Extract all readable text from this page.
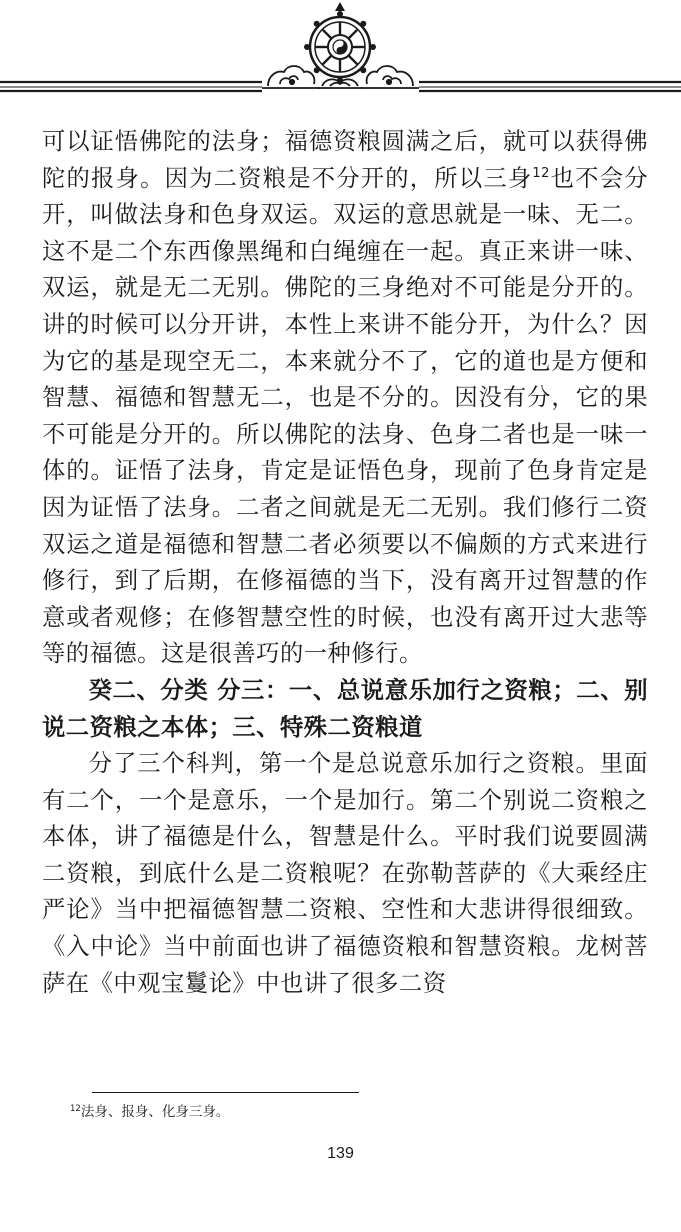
可以证悟佛陀的法身；福德资粮圆满之后，就可以获得佛陀的报身。因为二资粮是不分开的，所以三身$^{12}$也不会分开，叫做法身和色身双运。双运的意思就是一味、无二。这不是二个东西像黑绳和白绳缠在一起。真正来讲一味、双运，就是无二无别。佛陀的三身绝对不可能是分开的。讲的时候可以分开讲，本性上来讲不能分开，为什么？因为它的基是现空无二，本来就分不了，它的道也是方便和智慧、福德和智慧无二，也是不分的。因没有分，它的果不可能是分开的。所以佛陀的法身、色身二者也是一味一体的。证悟了法身，肯定是证悟色身，现前了色身肯定是因为证悟了法身。二者之间就是无二无别。我们修行二资双运之道是福德和智慧二者必须要以不偏颇的方式来进行修行，到了后期，在修福德的当下，没有离开过智慧的作意或者观修；在修智慧空性的时候，也没有离开过大悲等等的福德。这是很善巧的一种修行。

癸二、分类 分三：一、总说意乐加行之资粮；二、别说二资粮之本体；三、特殊二资粮道

分了三个科判，第一个是总说意乐加行之资粮。里面有二个，一个是意乐，一个是加行。第二个别说二资粮之本体，讲了福德是什么，智慧是什么。平时我们说要圆满二资粮，到底什么是二资粮呢？在弥勒菩萨的《大乘经庄严论》当中把福德智慧二资粮、空性和大悲讲得很细致。《入中论》当中前面也讲了福德资粮和智慧资粮。龙树菩萨在《中观宝鬘论》中也讲了很多二资

$^{12}$法身、报身、化身三身。
139
